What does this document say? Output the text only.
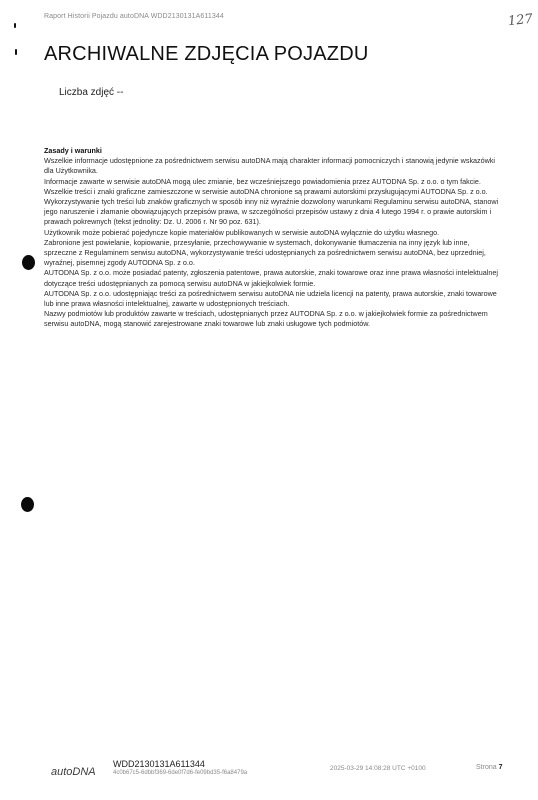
Raport Historii Pojazdu autoDNA WDD2130131A611344	127
ARCHIWALNE ZDJĘCIA POJAZDU
Liczba zdjęć --

Zasady i warunki

Wszelkie informacje udostępnione za pośrednictwem serwisu autoDNA mają charakter informacji pomocniczych i stanowią jedynie wskazówki dla Użytkownika.

Informacje zawarte w serwisie autoDNA mogą ulec zmianie, bez wcześniejszego powiadomienia przez AUTODNA Sp. z o.o. o tym fakcie.

Wszelkie treści i znaki graficzne zamieszczone w serwisie autoDNA chronione są prawami autorskimi przysługującymi AUTODNA Sp. z o.o. Wykorzystywanie tych treści lub znaków graficznych w sposób inny niż wyraźnie dozwolony warunkami Regulaminu serwisu autoDNA, stanowi jego naruszenie i złamanie obowiązujących przepisów prawa, w szczególności przepisów ustawy z dnia 4 lutego 1994 r. o prawie autorskim i prawach pokrewnych (tekst jednolity: Dz. U. 2006 r. Nr 90 poz. 631).

Użytkownik może pobierać pojedyncze kopie materiałów publikowanych w serwisie autoDNA wyłącznie do użytku własnego.

Zabronione jest powielanie, kopiowanie, przesyłanie, przechowywanie w systemach, dokonywanie tłumaczenia na inny język lub inne, sprzeczne z Regulaminem serwisu autoDNA, wykorzystywanie treści udostępnianych za pośrednictwem serwisu autoDNA, bez uprzedniej, wyraźnej, pisemnej zgody AUTODNA Sp. z o.o.

AUTODNA Sp. z o.o. może posiadać patenty, zgłoszenia patentowe, prawa autorskie, znaki towarowe oraz inne prawa własności intelektualnej dotyczące treści udostępnianych za pomocą serwisu autoDNA w jakiejkolwiek formie.

AUTODNA Sp. z o.o. udostępniając treści za pośrednictwem serwisu autoDNA nie udziela licencji na patenty, prawa autorskie, znaki towarowe lub inne prawa własności intelektualnej, zawarte w udostępnionych treściach.

Nazwy podmiotów lub produktów zawarte w treściach, udostępnianych przez AUTODNA Sp. z o.o. w jakiejkolwiek formie za pośrednictwem serwisu autoDNA, mogą stanowić zarejestrowane znaki towarowe lub znaki usługowe tych podmiotów.

autoDNA
WDD2130131A611344
4c0b67c5-6dbbf369-6de0f7d6-fe09bd35-f6a8479a
2025-03-29 14:08:28 UTC +0100	Strona 7
